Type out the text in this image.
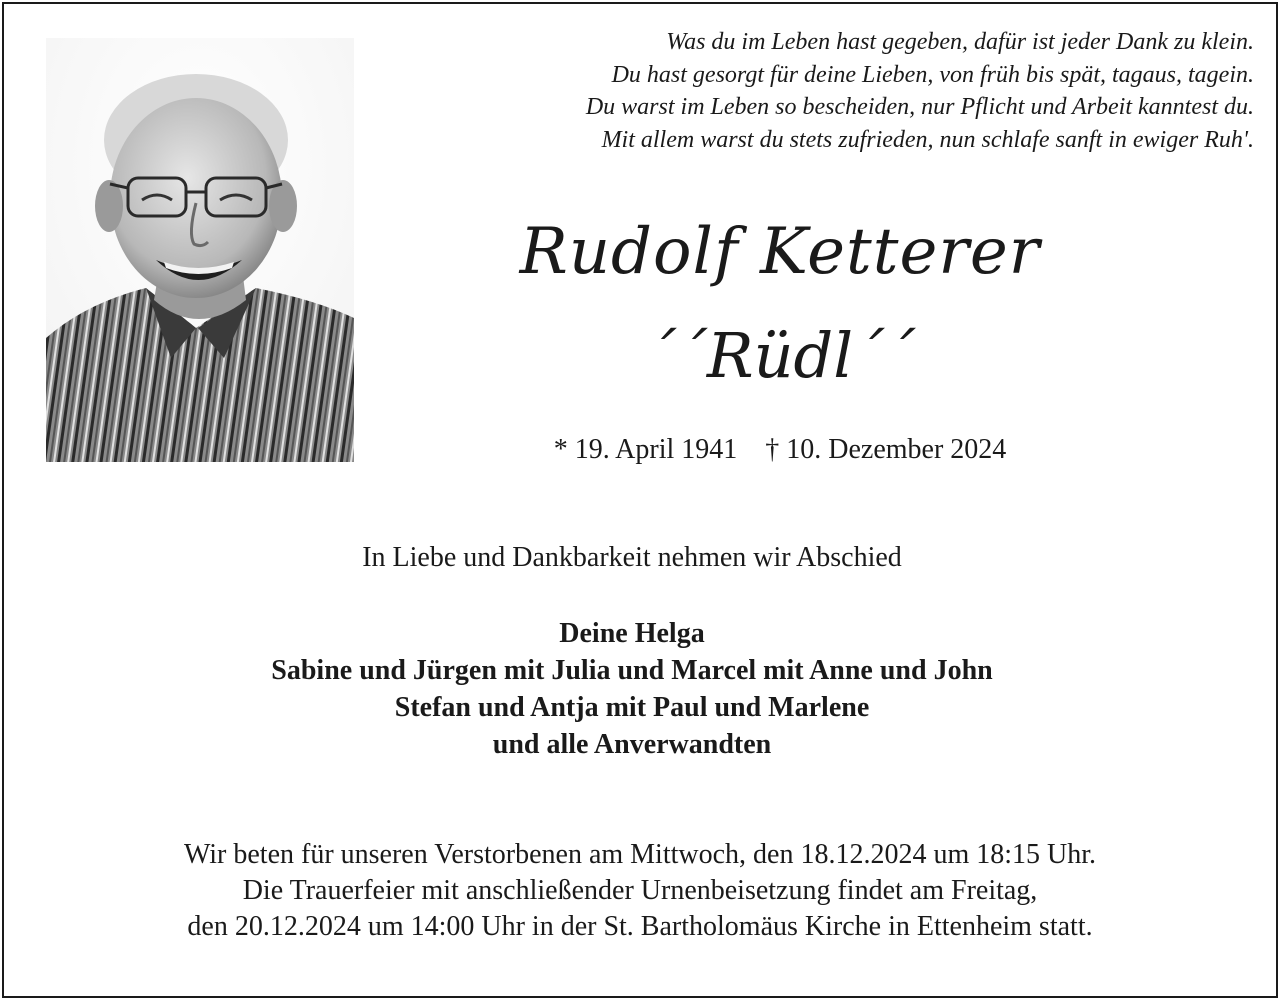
Was du im Leben hast gegeben, dafür ist jeder Dank zu klein.
Du hast gesorgt für deine Lieben, von früh bis spät, tagaus, tagein.
Du warst im Leben so bescheiden, nur Pflicht und Arbeit kanntest du.
Mit allem warst du stets zufrieden, nun schlafe sanft in ewiger Ruh'.
Rudolf Ketterer
´´Rüdl´´
* 19. April 1941 † 10. Dezember 2024
In Liebe und Dankbarkeit nehmen wir Abschied
Deine Helga
Sabine und Jürgen mit Julia und Marcel mit Anne und John
Stefan und Antja mit Paul und Marlene
und alle Anverwandten
Wir beten für unseren Verstorbenen am Mittwoch, den 18.12.2024 um 18:15 Uhr.
Die Trauerfeier mit anschließender Urnenbeisetzung findet am Freitag,
den 20.12.2024 um 14:00 Uhr in der St. Bartholomäus Kirche in Ettenheim statt.
